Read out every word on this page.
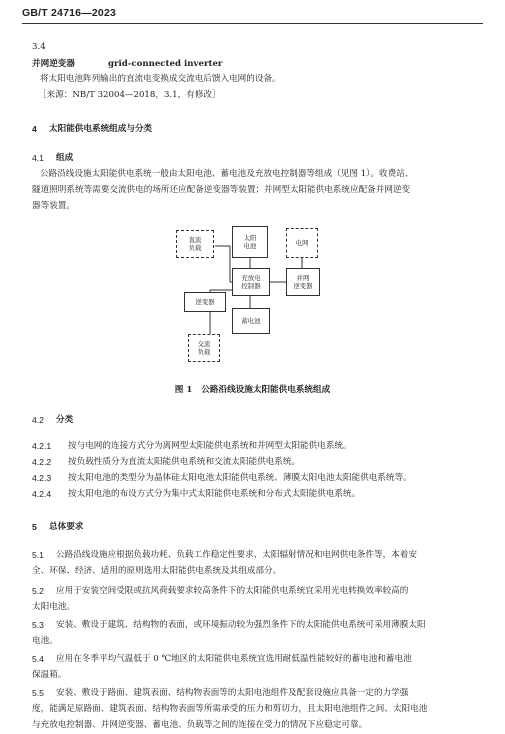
GB/T 24716—2023
3.4
并网逆变器	grid-connected inverter
将太阳电池阵列输出的直流电变换成交流电后馈入电网的设备。
［来源：NB/T 32004—2018，3.1，有修改］
4 太阳能供电系统组成与分类
4.1 组成
公路沿线设施太阳能供电系统一般由太阳电池、蓄电池及充放电控制器等组成（见图 1）。收费站、
隧道照明系统等需要交流供电的场所还应配备逆变器等装置；并网型太阳能供电系统应配备并网逆变
器等装置。
直流
负载
太阳
电池	电网
充放电
控制器
并网
逆变器
逆变器
蓄电池
交流
负载
图 1   公路沿线设施太阳能供电系统组成
4.2 分类
4.2.1 按与电网的连接方式分为离网型太阳能供电系统和并网型太阳能供电系统。
4.2.2 按负载性质分为直流太阳能供电系统和交流太阳能供电系统。
4.2.3 按太阳电池的类型分为晶体硅太阳电池太阳能供电系统、薄膜太阳电池太阳能供电系统等。
4.2.4 按太阳电池的布设方式分为集中式太阳能供电系统和分布式太阳能供电系统。
5 总体要求
5.1 公路沿线设施应根据负载功耗、负载工作稳定性要求、太阳辐射情况和电网供电条件等，本着安
全、环保、经济、适用的原则选用太阳能供电系统及其组成部分。
5.2 应用于安装空间受限或抗风荷载要求较高条件下的太阳能供电系统宜采用光电转换效率较高的
太阳电池。
5.3 安装、敷设于建筑、结构物的表面，或环境振动较为强烈条件下的太阳能供电系统可采用薄膜太阳
电池。
5.4 应用在冬季平均气温低于 0 ℃地区的太阳能供电系统宜选用耐低温性能较好的蓄电池和蓄电池
保温箱。
5.5 安装、敷设于路面、建筑表面、结构物表面等的太阳电池组件及配套设施应具备一定的力学强
度，能满足原路面、建筑表面、结构物表面等所需承受的压力和剪切力，且太阳电池组件之间、太阳电池
与充放电控制器、并网逆变器、蓄电池、负载等之间的连接在受力的情况下应稳定可靠。
